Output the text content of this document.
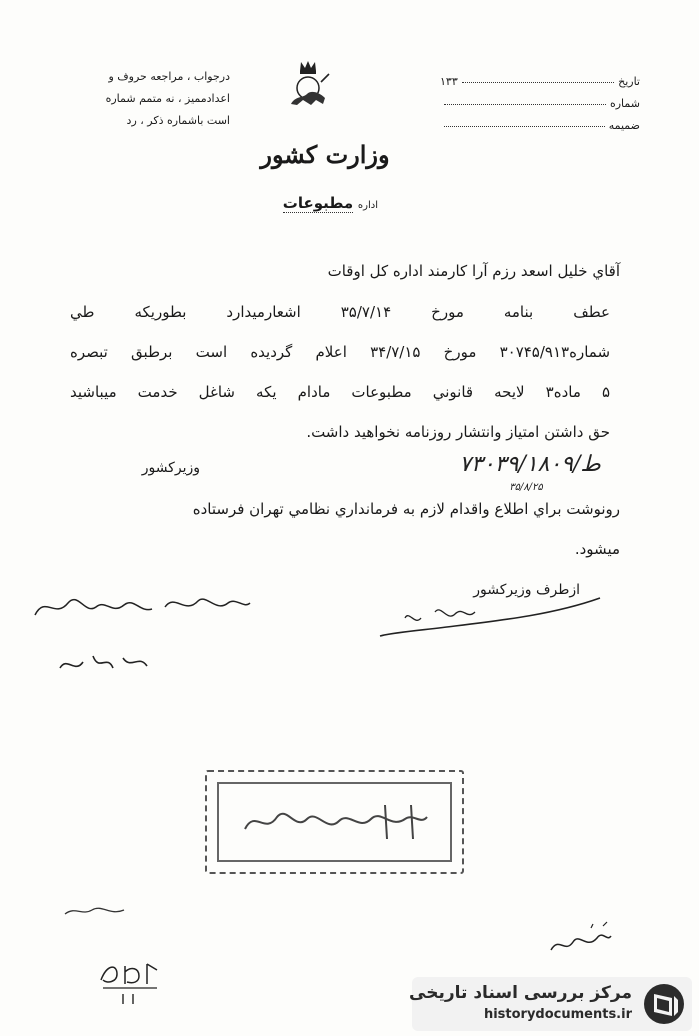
درجواب ، مراجعه حروف و
اعدادمميز ، نه متمم شماره
است باشماره ذكر ، رد
تاريخ
۱۳۳
شماره
ضميمه
وزارت كشور
اداره مطبوعات
آقاي خليل اسعد رزم آرا كارمند اداره كل اوقات
عطف بنامه مورخ ۳۵/۷/۱۴ اشعارميدارد بطوريكه طي
شماره۳۰۷۴۵/۹۱۳ مورخ ۳۴/۷/۱۵ اعلام گرديده است برطبق تبصره
۵ ماده۳ لايحه قانوني مطبوعات مادام يكه شاغل خدمت ميباشيد
حق داشتن امتياز وانتشار روزنامه نخواهيد داشت.
وزيركشور	۷۳۰۳۹/ط/۱۸۰۹
۳۵/۸/۲۵
رونوشت براي اطلاع واقدام لازم به فرمانداري نظامي تهران فرستاده
ميشود.
ازطرف وزيركشور
مرکز بررسی اسناد تاریخی
historydocuments.ir
